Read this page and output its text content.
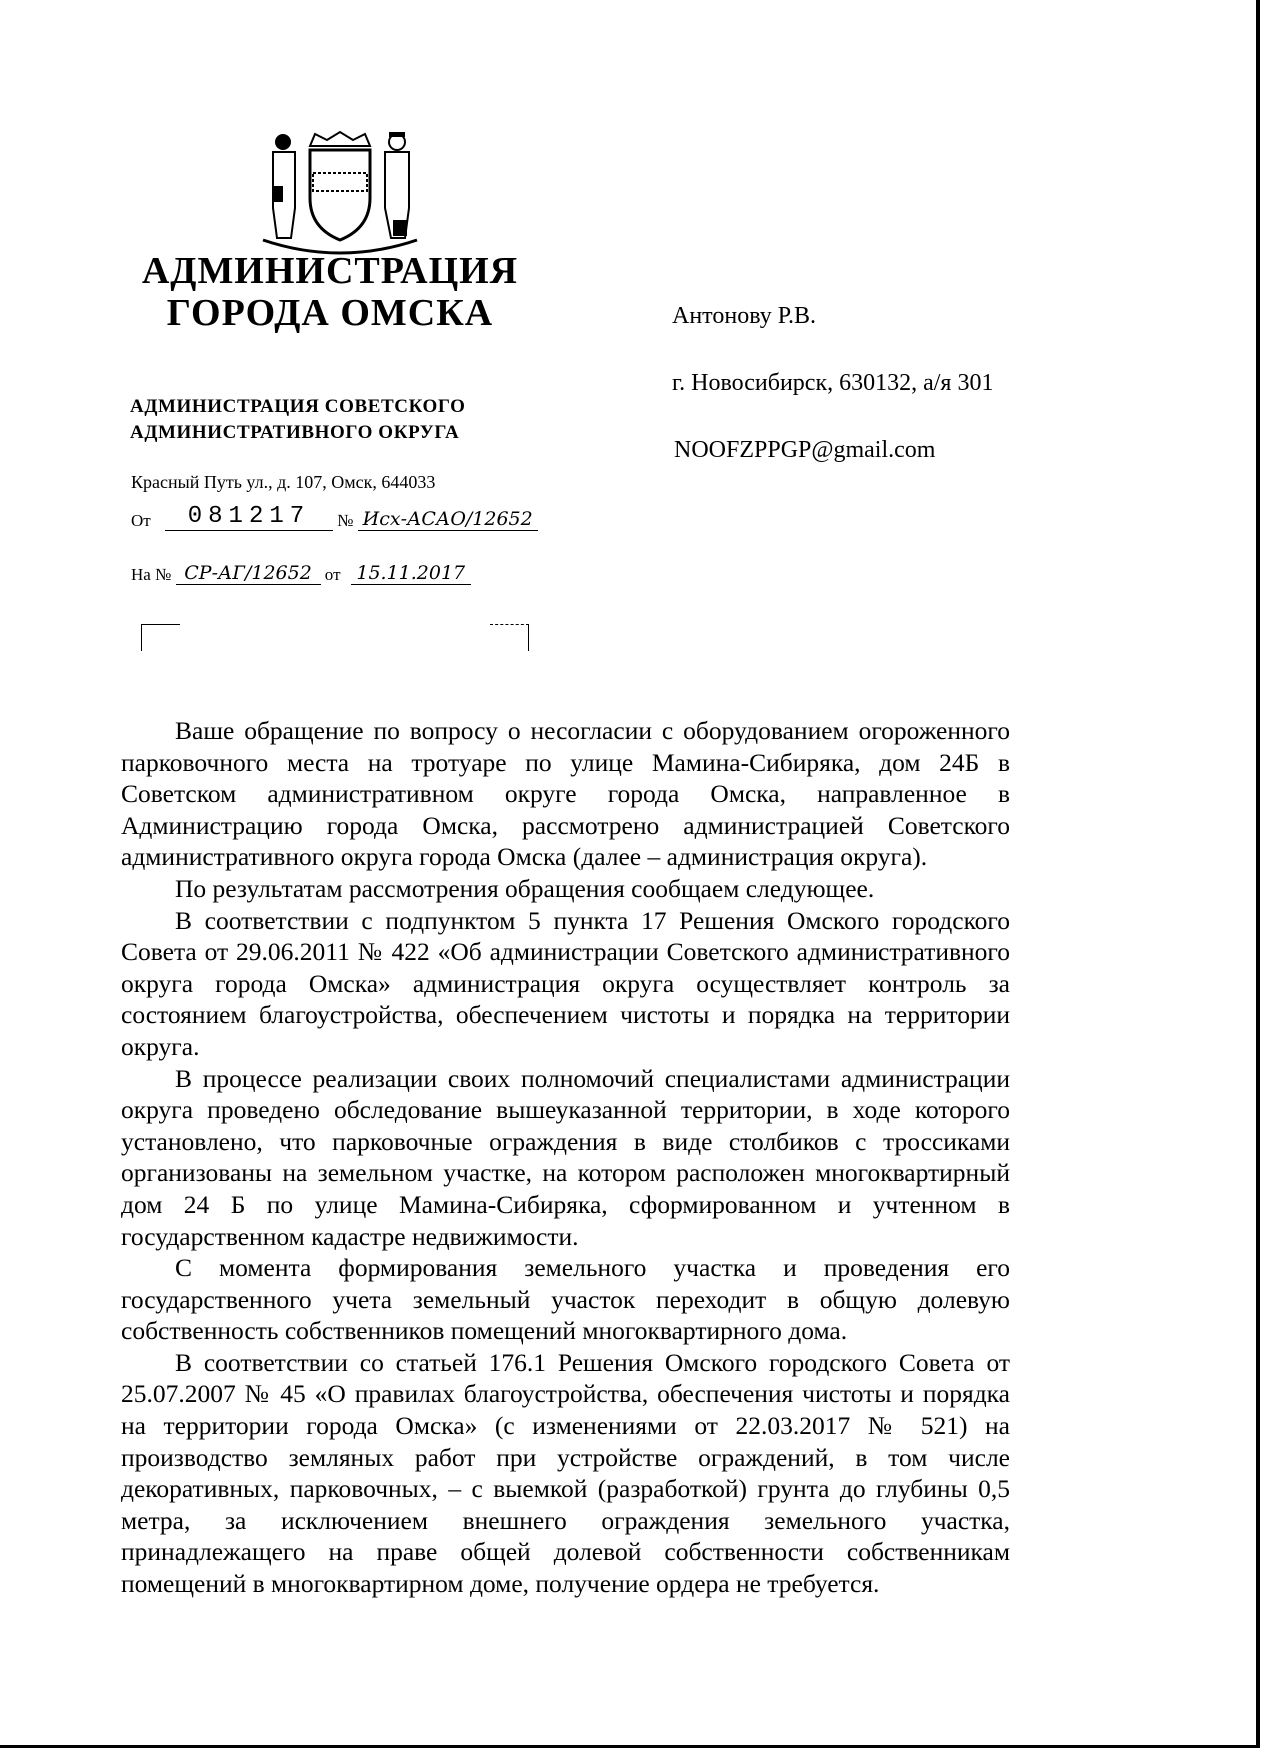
АДМИНИСТРАЦИЯ
ГОРОДА ОМСКА
АДМИНИСТРАЦИЯ СОВЕТСКОГО
АДМИНИСТРАТИВНОГО ОКРУГА
Красный Путь ул., д. 107, Омск, 644033
От 081217 № Исх-АСАО/12652
На № СР-АГ/12652 от 15.11.2017
Антонову Р.В.
г. Новосибирск, 630132, а/я 301
NOOFZPPGP@gmail.com

Ваше обращение по вопросу о несогласии с оборудованием огороженного парковочного места на тротуаре по улице Мамина-Сибиряка, дом 24Б в Советском административном округе города Омска, направленное в Администрацию города Омска, рассмотрено администрацией Советского административного округа города Омска (далее – администрация округа).

По результатам рассмотрения обращения сообщаем следующее.

В соответствии с подпунктом 5 пункта 17 Решения Омского городского Совета от 29.06.2011 № 422 «Об администрации Советского административного округа города Омска» администрация округа осуществляет контроль за состоянием благоустройства, обеспечением чистоты и порядка на территории округа.

В процессе реализации своих полномочий специалистами администрации округа проведено обследование вышеуказанной территории, в ходе которого установлено, что парковочные ограждения в виде столбиков с троссиками организованы на земельном участке, на котором расположен многоквартирный дом 24 Б по улице Мамина-Сибиряка, сформированном и учтенном в государственном кадастре недвижимости.

С момента формирования земельного участка и проведения его государственного учета земельный участок переходит в общую долевую собственность собственников помещений многоквартирного дома.

В соответствии со статьей 176.1 Решения Омского городского Совета от 25.07.2007 № 45 «О правилах благоустройства, обеспечения чистоты и порядка на территории города Омска» (с изменениями от 22.03.2017 № 521) на производство земляных работ при устройстве ограждений, в том числе декоративных, парковочных, – с выемкой (разработкой) грунта до глубины 0,5 метра, за исключением внешнего ограждения земельного участка, принадлежащего на праве общей долевой собственности собственникам помещений в многоквартирном доме, получение ордера не требуется.
